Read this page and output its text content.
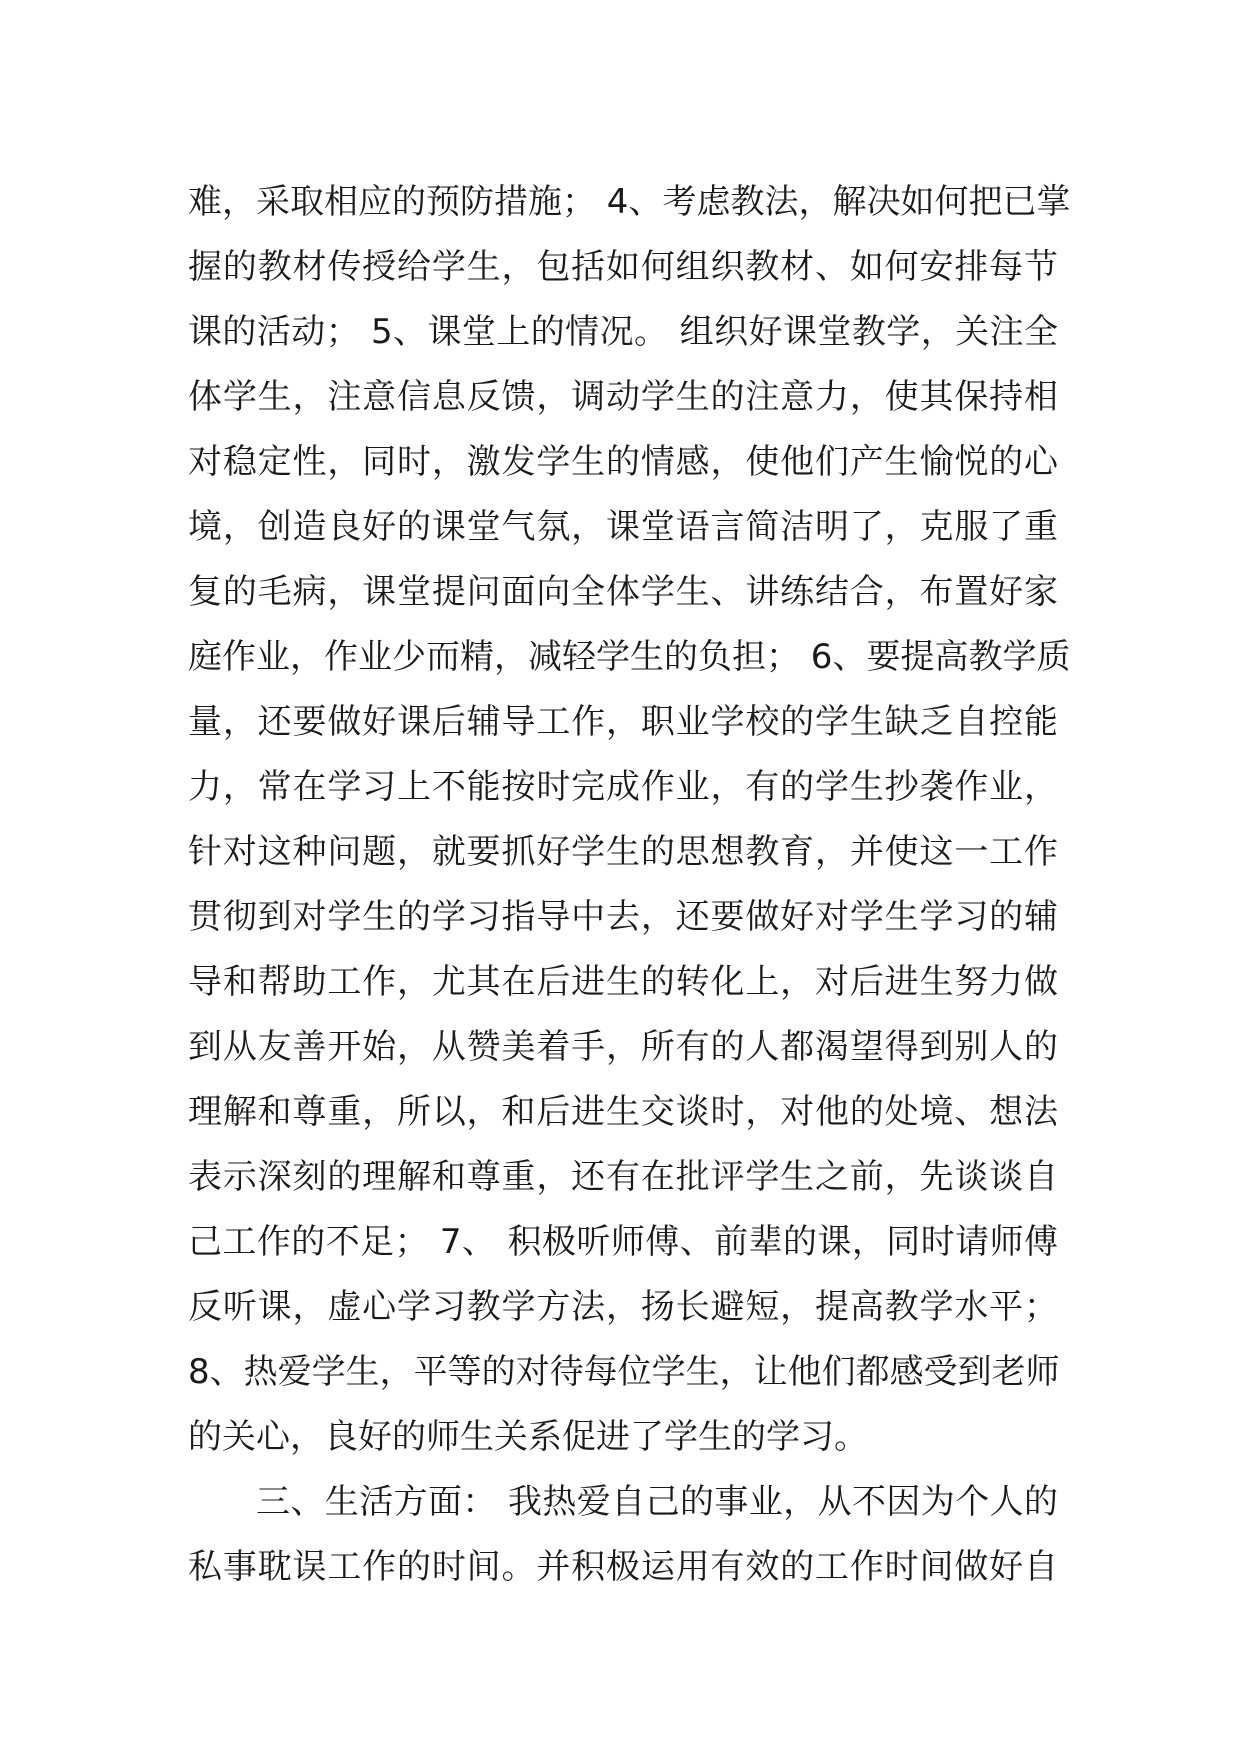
难，采取相应的预防措施； 4、考虑教法，解决如何把已掌
握的教材传授给学生，包括如何组织教材、如何安排每节
课的活动； 5、课堂上的情况。 组织好课堂教学，关注全
体学生，注意信息反馈，调动学生的注意力，使其保持相
对稳定性，同时，激发学生的情感，使他们产生愉悦的心
境，创造良好的课堂气氛，课堂语言简洁明了，克服了重
复的毛病，课堂提问面向全体学生、讲练结合，布置好家
庭作业，作业少而精，减轻学生的负担； 6、要提高教学质
量，还要做好课后辅导工作，职业学校的学生缺乏自控能
力，常在学习上不能按时完成作业，有的学生抄袭作业，
针对这种问题，就要抓好学生的思想教育，并使这一工作
贯彻到对学生的学习指导中去，还要做好对学生学习的辅
导和帮助工作，尤其在后进生的转化上，对后进生努力做
到从友善开始，从赞美着手，所有的人都渴望得到别人的
理解和尊重，所以，和后进生交谈时，对他的处境、想法
表示深刻的理解和尊重，还有在批评学生之前，先谈谈自
己工作的不足； 7、 积极听师傅、前辈的课，同时请师傅
反听课，虚心学习教学方法，扬长避短，提高教学水平；
8、热爱学生，平等的对待每位学生，让他们都感受到老师
的关心，良好的师生关系促进了学生的学习。
三、生活方面： 我热爱自己的事业，从不因为个人的
私事耽误工作的时间。并积极运用有效的工作时间做好自
